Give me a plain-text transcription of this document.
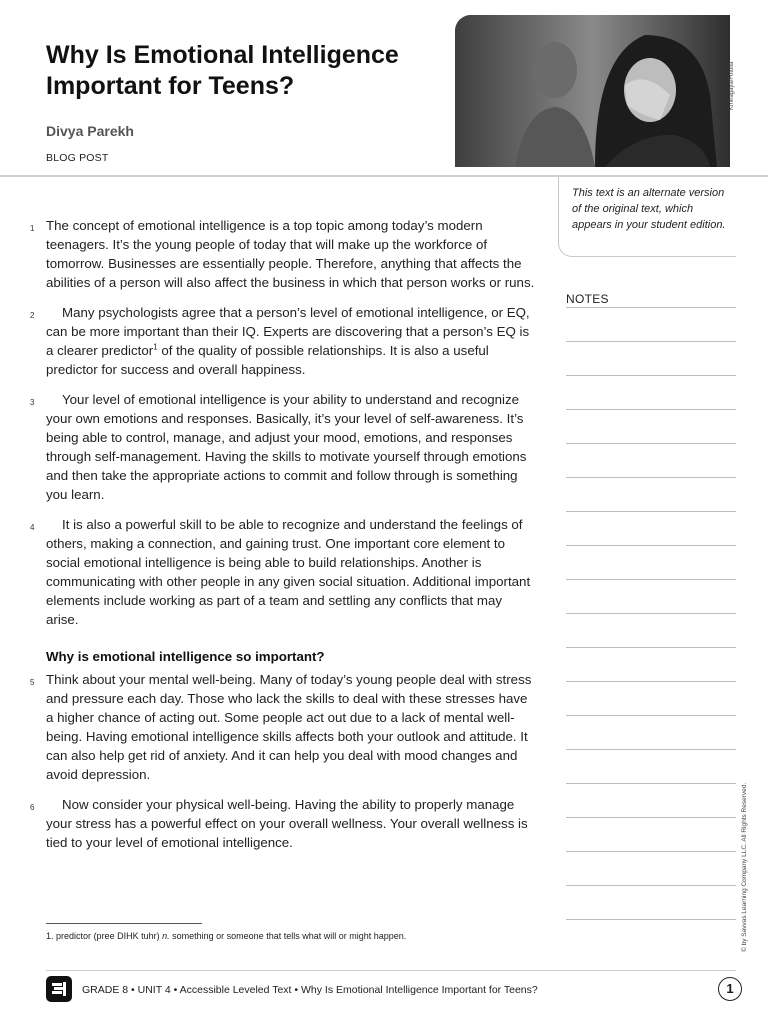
Why Is Emotional Intelligence Important for Teens?
Divya Parekh
BLOG POST
Kmiragaya/Fotolia
This text is an alternate version of the original text, which appears in your student edition.
NOTES
1 The concept of emotional intelligence is a top topic among today’s modern teenagers. It’s the young people of today that will make up the workforce of tomorrow. Businesses are essentially people. Therefore, anything that affects the abilities of a person will also affect the business in which that person works or runs.
2 Many psychologists agree that a person’s level of emotional intelligence, or EQ, can be more important than their IQ. Experts are discovering that a person’s EQ is a clearer predictor$^1$ of the quality of possible relationships. It is also a useful predictor for success and overall happiness.
3 Your level of emotional intelligence is your ability to understand and recognize your own emotions and responses. Basically, it’s your level of self-awareness. It’s being able to control, manage, and adjust your mood, emotions, and responses through self-management. Having the skills to motivate yourself through emotions and then take the appropriate actions to commit and follow through is something you learn.
4 It is also a powerful skill to be able to recognize and understand the feelings of others, making a connection, and gaining trust. One important core element to social emotional intelligence is being able to build relationships. Another is communicating with other people in any given social situation. Additional important elements include working as part of a team and settling any conflicts that may arise.
Why is emotional intelligence so important?
5 Think about your mental well-being. Many of today’s young people deal with stress and pressure each day. Those who lack the skills to deal with these stresses have a higher chance of acting out. Some people act out due to a lack of mental well-being. Having emotional intelligence skills affects both your outlook and attitude. It can also help get rid of anxiety. And it can help you deal with mood changes and avoid depression.
6 Now consider your physical well-being. Having the ability to properly manage your stress has a powerful effect on your overall wellness. Your overall wellness is tied to your level of emotional intelligence.
1. predictor (pree DIHK tuhr) n. something or someone that tells what will or might happen.	© by Savvas Learning Company LLC. All Rights Reserved.
GRADE 8 • UNIT 4 • Accessible Leveled Text • Why Is Emotional Intelligence Important for Teens?	1
